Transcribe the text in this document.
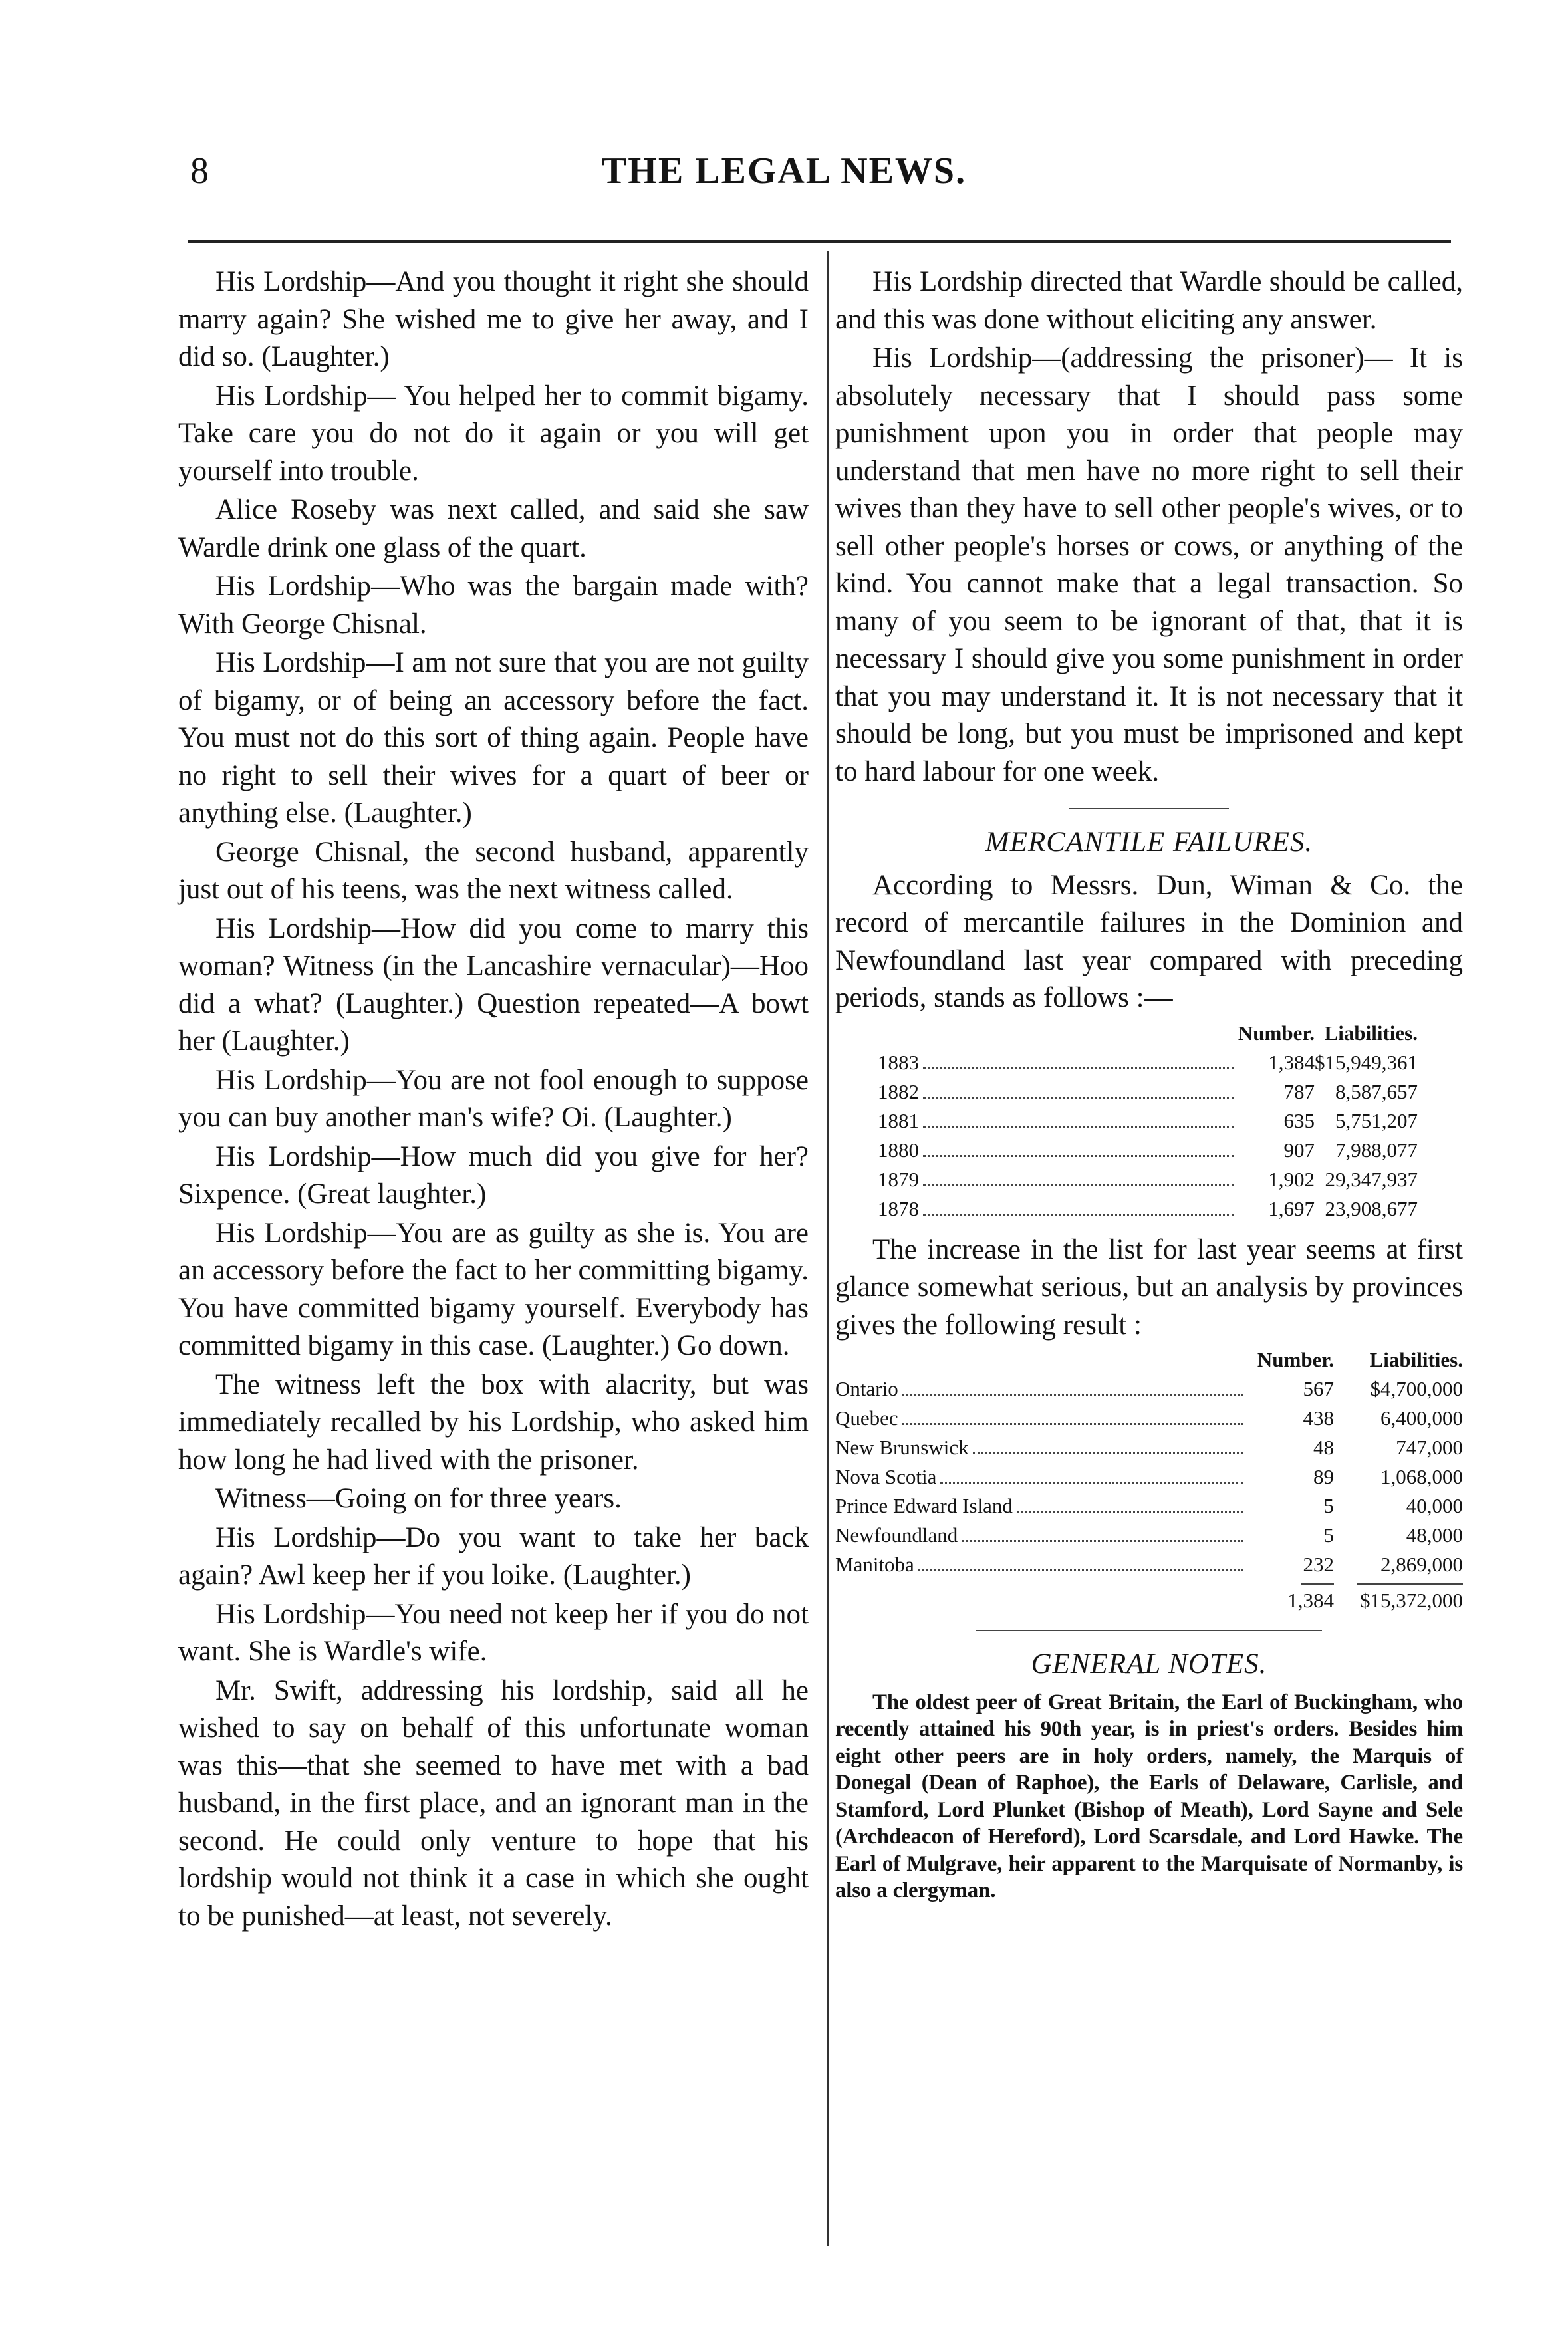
THE LEGAL NEWS.
8

His Lordship—And you thought it right she should marry again? She wished me to give her away, and I did so. (Laughter.)

His Lordship— You helped her to commit bigamy. Take care you do not do it again or you will get yourself into trouble.

Alice Roseby was next called, and said she saw Wardle drink one glass of the quart.

His Lordship—Who was the bargain made with? With George Chisnal.

His Lordship—I am not sure that you are not guilty of bigamy, or of being an accessory before the fact. You must not do this sort of thing again. People have no right to sell their wives for a quart of beer or anything else. (Laughter.)

George Chisnal, the second husband, apparently just out of his teens, was the next witness called.

His Lordship—How did you come to marry this woman? Witness (in the Lancashire vernacular)—Hoo did a what? (Laughter.) Question repeated—A bowt her (Laughter.)

His Lordship—You are not fool enough to suppose you can buy another man's wife? Oi. (Laughter.)

His Lordship—How much did you give for her? Sixpence. (Great laughter.)

His Lordship—You are as guilty as she is. You are an accessory before the fact to her committing bigamy. You have committed bigamy yourself. Everybody has committed bigamy in this case. (Laughter.) Go down.

The witness left the box with alacrity, but was immediately recalled by his Lordship, who asked him how long he had lived with the prisoner.

Witness—Going on for three years.

His Lordship—Do you want to take her back again? Awl keep her if you loike. (Laughter.)

His Lordship—You need not keep her if you do not want. She is Wardle's wife.

Mr. Swift, addressing his lordship, said all he wished to say on behalf of this unfortunate woman was this—that she seemed to have met with a bad husband, in the first place, and an ignorant man in the second. He could only venture to hope that his lordship would not think it a case in which she ought to be punished—at least, not severely.

His Lordship directed that Wardle should be called, and this was done without eliciting any answer.

His Lordship—(addressing the prisoner)— It is absolutely necessary that I should pass some punishment upon you in order that people may understand that men have no more right to sell their wives than they have to sell other people's wives, or to sell other people's horses or cows, or anything of the kind. You cannot make that a legal transaction. So many of you seem to be ignorant of that, that it is necessary I should give you some punishment in order that you may understand it. It is not necessary that it should be long, but you must be imprisoned and kept to hard labour for one week.

MERCANTILE FAILURES.

According to Messrs. Dun, Wiman & Co. the record of mercantile failures in the Dominion and Newfoundland last year compared with preceding periods, stands as follows :—

	Number.	Liabilities.

1883	1,384	$15,949,361

1882	787	8,587,657

1881	635	5,751,207

1880	907	7,988,077

1879	1,902	29,347,937

1878	1,697	23,908,677

The increase in the list for last year seems at first glance somewhat serious, but an analysis by provinces gives the following result :

	Number.	Liabilities.

Ontario	567	$4,700,000

Quebec	438	6,400,000

New Brunswick	48	747,000

Nova Scotia	89	1,068,000

Prince Edward Island	5	40,000

Newfoundland	5	48,000

Manitoba	232	2,869,000

	1,384	$15,372,000
GENERAL NOTES.

The oldest peer of Great Britain, the Earl of Buckingham, who recently attained his 90th year, is in priest's orders. Besides him eight other peers are in holy orders, namely, the Marquis of Donegal (Dean of Raphoe), the Earls of Delaware, Carlisle, and Stamford, Lord Plunket (Bishop of Meath), Lord Sayne and Sele (Archdeacon of Hereford), Lord Scarsdale, and Lord Hawke. The Earl of Mulgrave, heir apparent to the Marquisate of Normanby, is also a clergyman.
